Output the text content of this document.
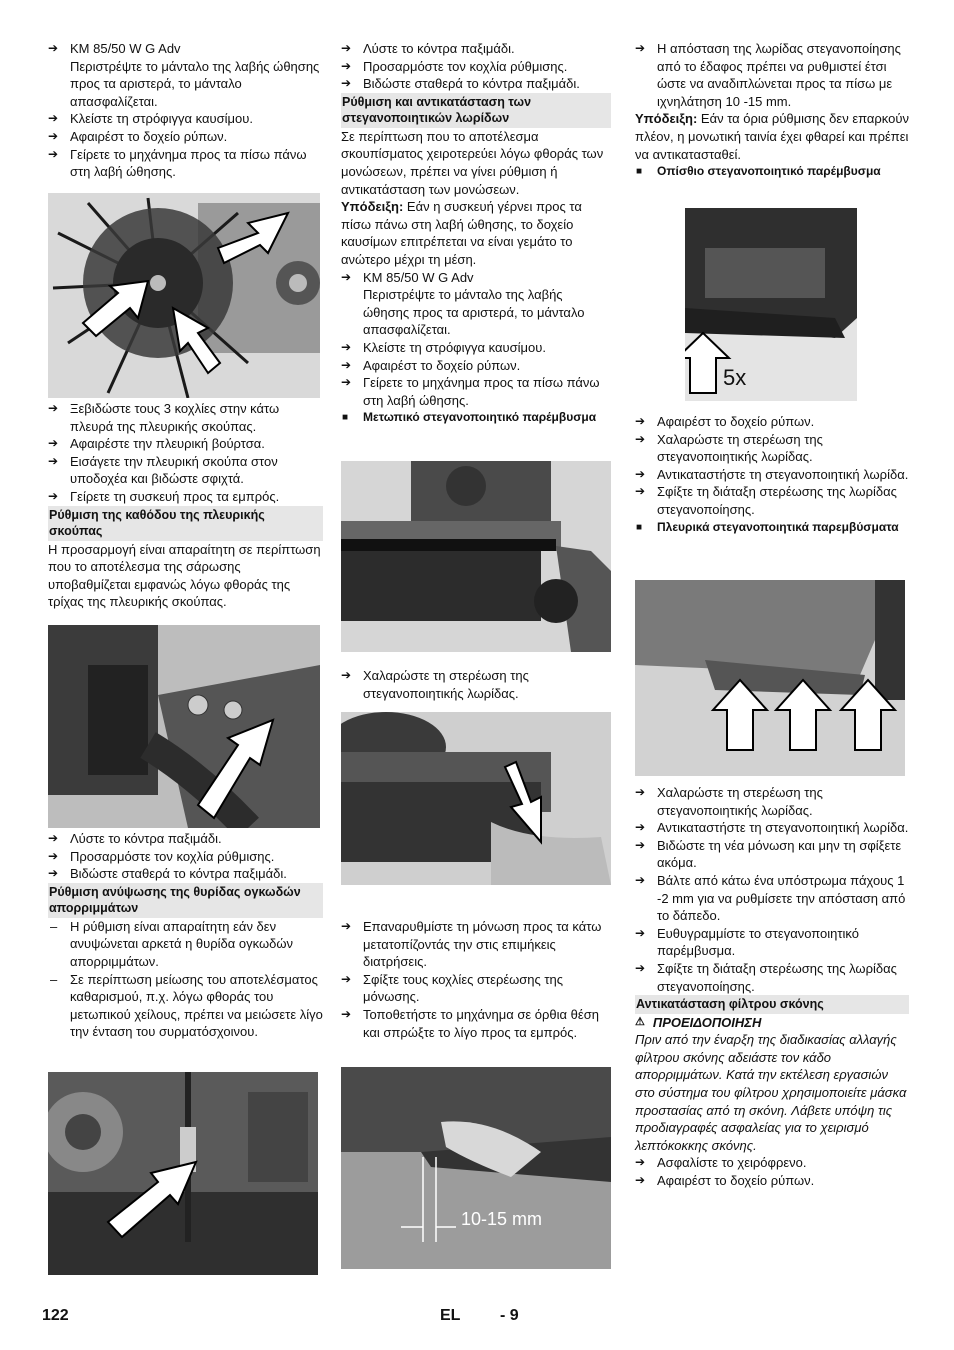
➔ KM 85/50 W G Adv
Περιστρέψτε το μάνταλο της λαβής ώθησης προς τα αριστερά, το μάνταλο απασφαλίζεται.
➔ Κλείστε τη στρόφιγγα καυσίμου.
➔ Αφαιρέστ το δοχείο ρύπων.
➔ Γείρετε το μηχάνημα προς τα πίσω πάνω στη λαβή ώθησης.
➔ Ξεβιδώστε τους 3 κοχλίες στην κάτω πλευρά της πλευρικής σκούπας.
➔ Αφαιρέστε την πλευρική βούρτσα.
➔ Εισάγετε την πλευρική σκούπα στον υποδοχέα και βιδώστε σφιχτά.
➔ Γείρετε τη συσκευή προς τα εμπρός.
Ρύθμιση της καθόδου της πλευρικής σκούπας

Η προσαρμογή είναι απαραίτητη σε περίπτωση που το αποτέλεσμα της σάρωσης υποβαθμίζεται εμφανώς λόγω φθοράς της τρίχας της πλευρικής σκούπας.

➔ Λύστε το κόντρα παξιμάδι.
➔ Προσαρμόστε τον κοχλία ρύθμισης.
➔ Βιδώστε σταθερά το κόντρα παξιμάδι.
Ρύθμιση ανύψωσης της θυρίδας ογκωδών απορριμμάτων
– Η ρύθμιση είναι απαραίτητη εάν δεν ανυψώνεται αρκετά η θυρίδα ογκωδών απορριμμάτων.
– Σε περίπτωση μείωσης του αποτελέσματος καθαρισμού, π.χ. λόγω φθοράς του μετωπικού χείλους, πρέπει να μειώσετε λίγο την ένταση του συρματόσχοινου.
➔ Λύστε το κόντρα παξιμάδι.
➔ Προσαρμόστε τον κοχλία ρύθμισης.
➔ Βιδώστε σταθερά το κόντρα παξιμάδι.
Ρύθμιση και αντικατάσταση των στεγανοποιητικών λωρίδων

Σε περίπτωση που το αποτέλεσμα σκουπίσματος χειροτερεύει λόγω φθοράς των μονώσεων, πρέπει να γίνει ρύθμιση ή αντικατάσταση των μονώσεων.

Υπόδειξη: Εάν η συσκευή γέρνει προς τα πίσω πάνω στη λαβή ώθησης, το δοχείο καυσίμων επιτρέπεται να είναι γεμάτο το ανώτερο μέχρι τη μέση.

➔ KM 85/50 W G Adv
Περιστρέψτε το μάνταλο της λαβής ώθησης προς τα αριστερά, το μάνταλο απασφαλίζεται.
➔ Κλείστε τη στρόφιγγα καυσίμου.
➔ Αφαιρέστ το δοχείο ρύπων.
➔ Γείρετε το μηχάνημα προς τα πίσω πάνω στη λαβή ώθησης.
■ Μετωπικό στεγανοποιητικό παρέμβυσμα
➔ Χαλαρώστε τη στερέωση της στεγανοποιητικής λωρίδας.
➔ Επαναρυθμίστε τη μόνωση προς τα κάτω μετατοπίζοντάς την στις επιμήκεις διατρήσεις.
➔ Σφίξτε τους κοχλίες στερέωσης της μόνωσης.
➔ Τοποθετήστε το μηχάνημα σε όρθια θέση και σπρώξτε το λίγο προς τα εμπρός.
10-15 mm
➔ Η απόσταση της λωρίδας στεγανοποίησης από το έδαφος πρέπει να ρυθμιστεί έτσι ώστε να αναδιπλώνεται προς τα πίσω με ιχνηλάτηση 10 -15 mm.

Υπόδειξη: Εάν τα όρια ρύθμισης δεν επαρκούν πλέον, η μονωτική ταινία έχει φθαρεί και πρέπει να αντικατασταθεί.

■ Οπίσθιο στεγανοποιητικό παρέμβυσμα
5x
➔ Αφαιρέστ το δοχείο ρύπων.
➔ Χαλαρώστε τη στερέωση της στεγανοποιητικής λωρίδας.
➔ Αντικαταστήστε τη στεγανοποιητική λωρίδα.
➔ Σφίξτε τη διάταξη στερέωσης της λωρίδας στεγανοποίησης.
■ Πλευρικά στεγανοποιητικά παρεμβύσματα
➔ Χαλαρώστε τη στερέωση της στεγανοποιητικής λωρίδας.
➔ Αντικαταστήστε τη στεγανοποιητική λωρίδα.
➔ Βιδώστε τη νέα μόνωση και μην τη σφίξετε ακόμα.
➔ Βάλτε από κάτω ένα υπόστρωμα πάχους 1 -2 mm για να ρυθμίσετε την απόσταση από το δάπεδο.
➔ Ευθυγραμμίστε το στεγανοποιητικό παρέμβυσμα.
➔ Σφίξτε τη διάταξη στερέωσης της λωρίδας στεγανοποίησης.
Αντικατάσταση φίλτρου σκόνης
⚠ ΠΡΟΕΙΔΟΠΟΙΗΣΗ

Πριν από την έναρξη της διαδικασίας αλλαγής φίλτρου σκόνης αδειάστε τον κάδο απορριμμάτων. Κατά την εκτέλεση εργασιών στο σύστημα του φίλτρου χρησιμοποιείτε μάσκα προστασίας από τη σκόνη. Λάβετε υπόψη τις προδιαγραφές ασφαλείας για το χειρισμό λεπτόκοκκης σκόνης.

➔ Ασφαλίστε το χειρόφρενο.
➔ Αφαιρέστ το δοχείο ρύπων.
122	EL - 9
